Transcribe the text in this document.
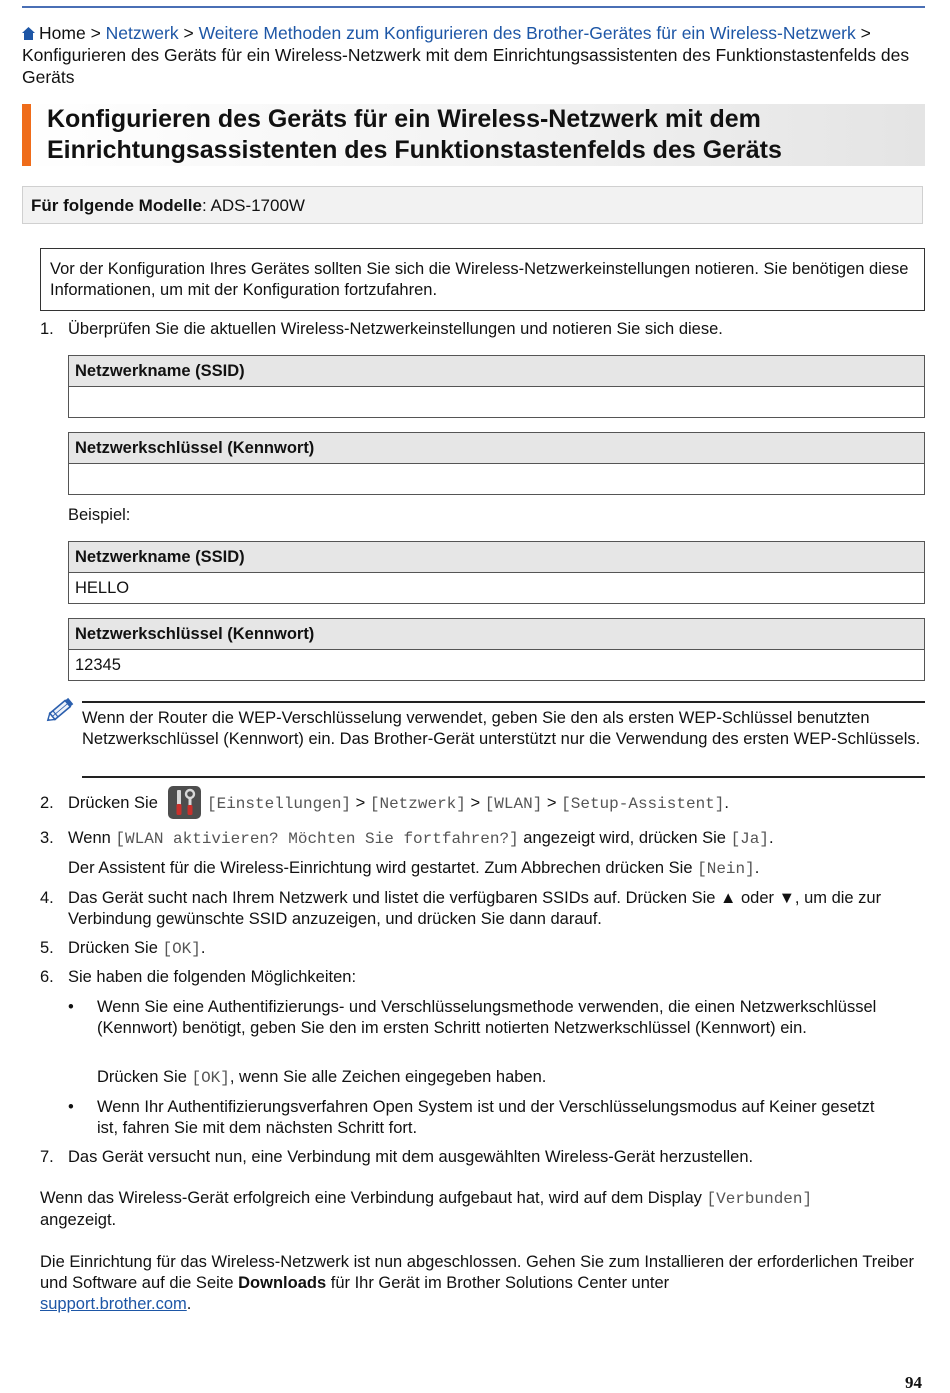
Home > Netzwerk > Weitere Methoden zum Konfigurieren des Brother-Gerätes für ein Wireless-Netzwerk > Konfigurieren des Geräts für ein Wireless-Netzwerk mit dem Einrichtungsassistenten des Funktionstastenfelds des Geräts
Konfigurieren des Geräts für ein Wireless-Netzwerk mit dem
Einrichtungsassistenten des Funktionstastenfelds des Geräts
Für folgende Modelle: ADS-1700W
Vor der Konfiguration Ihres Gerätes sollten Sie sich die Wireless-Netzwerkeinstellungen notieren. Sie benötigen diese Informationen, um mit der Konfiguration fortzufahren.
1. Überprüfen Sie die aktuellen Wireless-Netzwerkeinstellungen und notieren Sie sich diese.
Netzwerkname (SSID)
Netzwerkschlüssel (Kennwort)
Beispiel:
Netzwerkname (SSID)
HELLO
Netzwerkschlüssel (Kennwort)
12345
Wenn der Router die WEP-Verschlüsselung verwendet, geben Sie den als ersten WEP-Schlüssel benutzten Netzwerkschlüssel (Kennwort) ein. Das Brother-Gerät unterstützt nur die Verwendung des ersten WEP-Schlüssels.
2. Drücken Sie	[Einstellungen] > [Netzwerk] > [WLAN] > [Setup-Assistent].
3. Wenn [WLAN aktivieren? Möchten Sie fortfahren?] angezeigt wird, drücken Sie [Ja].
Der Assistent für die Wireless-Einrichtung wird gestartet. Zum Abbrechen drücken Sie [Nein].
4. Das Gerät sucht nach Ihrem Netzwerk und listet die verfügbaren SSIDs auf. Drücken Sie ▲ oder ▼, um die zur Verbindung gewünschte SSID anzuzeigen, und drücken Sie dann darauf.
5. Drücken Sie [OK].
6. Sie haben die folgenden Möglichkeiten:
• Wenn Sie eine Authentifizierungs- und Verschlüsselungsmethode verwenden, die einen Netzwerkschlüssel (Kennwort) benötigt, geben Sie den im ersten Schritt notierten Netzwerkschlüssel (Kennwort) ein.
Drücken Sie [OK], wenn Sie alle Zeichen eingegeben haben.
• Wenn Ihr Authentifizierungsverfahren Open System ist und der Verschlüsselungsmodus auf Keiner gesetzt ist, fahren Sie mit dem nächsten Schritt fort.
7. Das Gerät versucht nun, eine Verbindung mit dem ausgewählten Wireless-Gerät herzustellen.
Wenn das Wireless-Gerät erfolgreich eine Verbindung aufgebaut hat, wird auf dem Display [Verbunden]
angezeigt.
Die Einrichtung für das Wireless-Netzwerk ist nun abgeschlossen. Gehen Sie zum Installieren der erforderlichen Treiber und Software auf die Seite Downloads für Ihr Gerät im Brother Solutions Center unter
support.brother.com.
94
